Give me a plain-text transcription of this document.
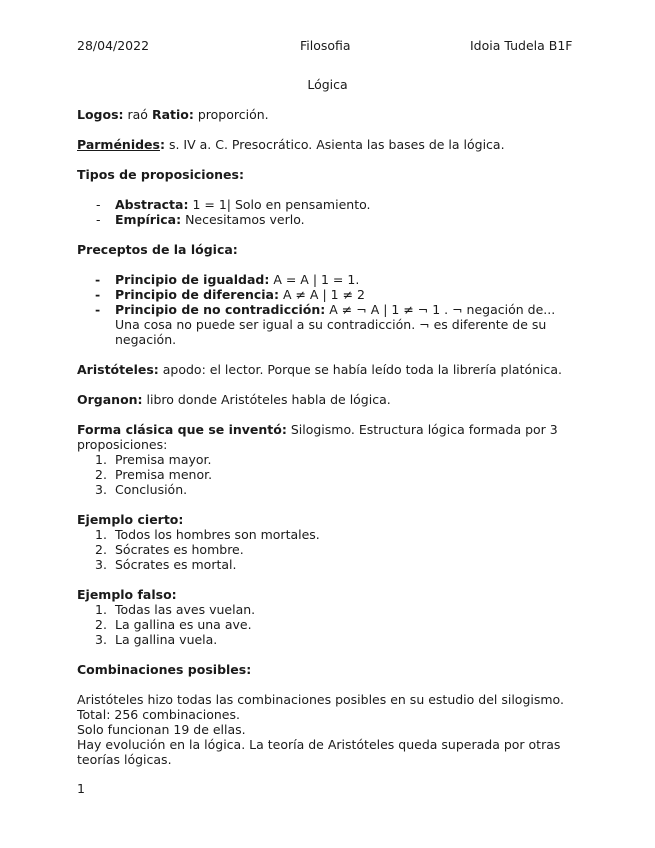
28/04/2022	Filosofia	Idoia Tudela B1F
Lógica
Logos: raó Ratio: proporción.
Parménides: s. IV a. C. Presocrático. Asienta las bases de la lógica.
Tipos de proposiciones:
- Abstracta: 1 = 1| Solo en pensamiento.
- Empírica: Necesitamos verlo.
Preceptos de la lógica:
- Principio de igualdad: A = A | 1 = 1.
- Principio de diferencia: A ≠ A | 1 ≠ 2
- Principio de no contradicción: A ≠ ¬ A | 1 ≠ ¬ 1 . ¬ negación de... Una cosa no puede ser igual a su contradicción. ¬ es diferente de su negación.
Aristóteles: apodo: el lector. Porque se había leído toda la librería platónica.
Organon: libro donde Aristóteles habla de lógica.
Forma clásica que se inventó: Silogismo. Estructura lógica formada por 3 proposiciones:
1. Premisa mayor.
2. Premisa menor.
3. Conclusión.
Ejemplo cierto:
1. Todos los hombres son mortales.
2. Sócrates es hombre.
3. Sócrates es mortal.
Ejemplo falso:
1. Todas las aves vuelan.
2. La gallina es una ave.
3. La gallina vuela.
Combinaciones posibles:
Aristóteles hizo todas las combinaciones posibles en su estudio del silogismo.
Total: 256 combinaciones.
Solo funcionan 19 de ellas.
Hay evolución en la lógica. La teoría de Aristóteles queda superada por otras teorías lógicas.
1
